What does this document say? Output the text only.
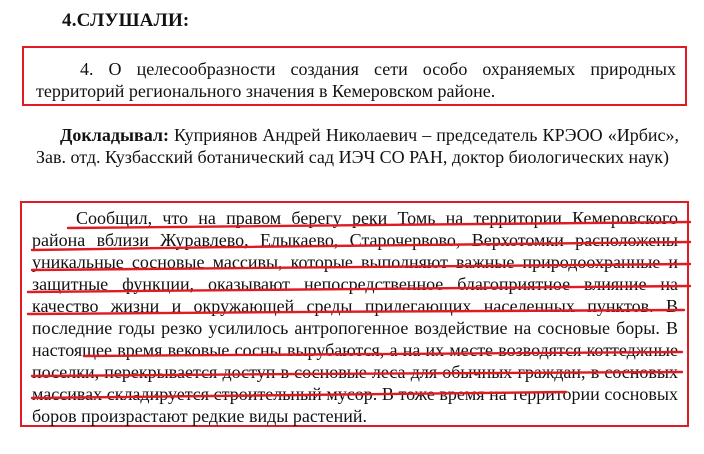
4.СЛУШАЛИ:
4. О целесообразности создания сети особо охраняемых природных территорий регионального значения в Кемеровском районе.
Докладывал: Куприянов Андрей Николаевич – председатель КРЭОО «Ирбис», Зав. отд. Кузбасский ботанический сад ИЭЧ СО РАН, доктор биологических наук)
Сообщил, что на правом берегу реки Томь на территории Кемеровского района вблизи Журавлево, Елыкаево, Старочервово, Верхотомки расположены уникальные сосновые массивы, которые выполняют важные природоохранные и защитные функции, оказывают непосредственное благоприятное влияние на качество жизни и окружающей среды прилегающих населенных пунктов. В последние годы резко усилилось антропогенное воздействие на сосновые боры. В настоящее время вековые сосны вырубаются, а на их месте возводятся коттеджные поселки, перекрывается доступ в сосновые леса для обычных граждан, в сосновых массивах складируется строительный мусор. В тоже время на территории сосновых боров произрастают редкие виды растений.
